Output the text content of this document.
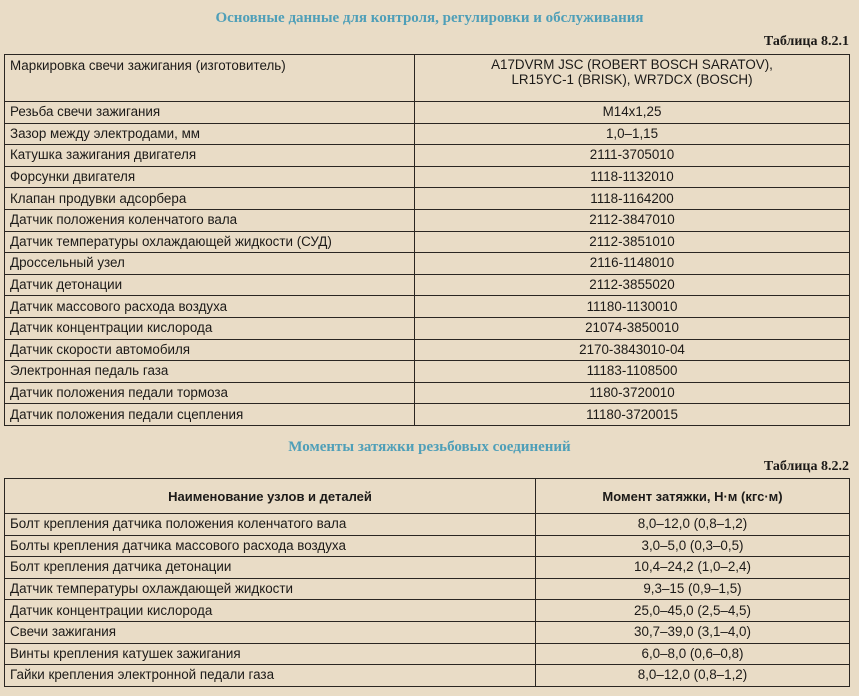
Основные данные для контроля, регулировки и обслуживания
Таблица 8.2.1
Маркировка свечи зажигания (изготовитель)	A17DVRM JSC (ROBERT BOSCH SARATOV),
LR15YC-1 (BRISK), WR7DCX (BOSCH)

Резьба свечи зажигания	M14x1,25
Зазор между электродами, мм	1,0–1,15
Катушка зажигания двигателя	2111-3705010
Форсунки двигателя	1118-1132010
Клапан продувки адсорбера	1118-1164200
Датчик положения коленчатого вала	2112-3847010
Датчик температуры охлаждающей жидкости (СУД)	2112-3851010
Дроссельный узел	2116-1148010
Датчик детонации	2112-3855020
Датчик массового расхода воздуха	11180-1130010
Датчик концентрации кислорода	21074-3850010
Датчик скорости автомобиля	2170-3843010-04
Электронная педаль газа	11183-1108500
Датчик положения педали тормоза	1180-3720010
Датчик положения педали сцепления	11180-3720015
Моменты затяжки резьбовых соединений
Таблица 8.2.2
Наименование узлов и деталей	Момент затяжки, Н·м (кгс·м)
Болт крепления датчика положения коленчатого вала	8,0–12,0 (0,8–1,2)
Болты крепления датчика массового расхода воздуха	3,0–5,0 (0,3–0,5)
Болт крепления датчика детонации	10,4–24,2 (1,0–2,4)
Датчик температуры охлаждающей жидкости	9,3–15 (0,9–1,5)
Датчик концентрации кислорода	25,0–45,0 (2,5–4,5)
Свечи зажигания	30,7–39,0 (3,1–4,0)
Винты крепления катушек зажигания	6,0–8,0 (0,6–0,8)
Гайки крепления электронной педали газа	8,0–12,0 (0,8–1,2)
